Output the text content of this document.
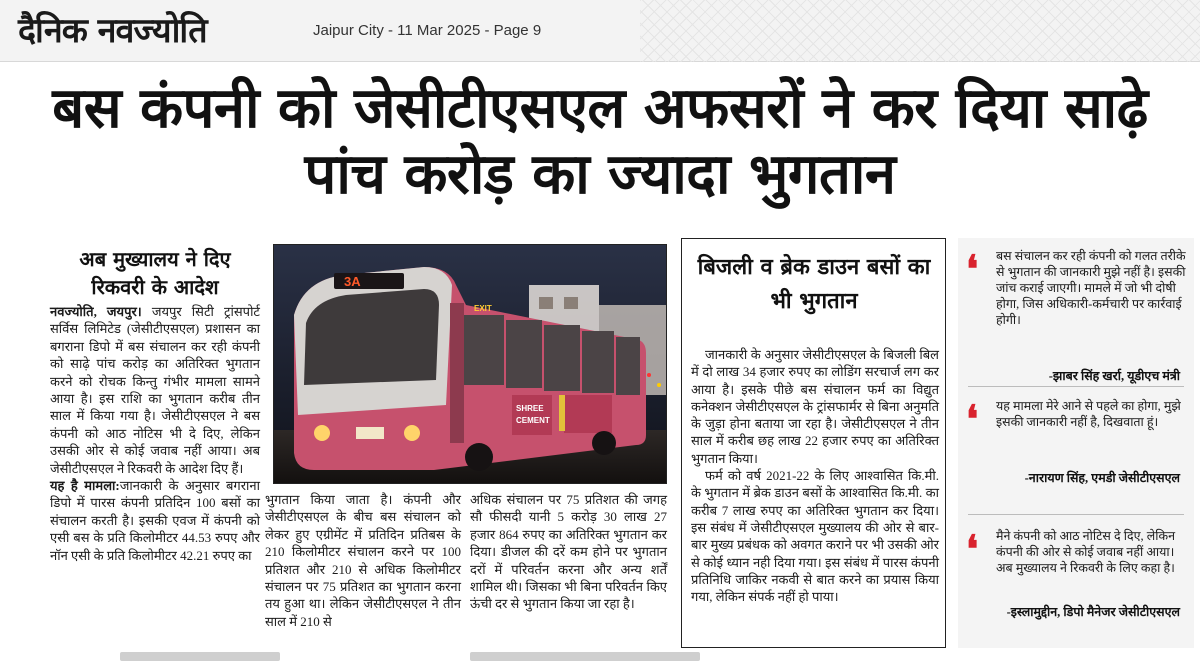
दैनिक नवज्योति	Jaipur City - 11 Mar 2025 - Page 9
बस कंपनी को जेसीटीएसएल अफसरों ने कर दिया साढ़े पांच करोड़ का ज्यादा भुगतान
अब मुख्यालय ने दिए रिकवरी के आदेश
नवज्योति, जयपुर। जयपुर सिटी ट्रांसपोर्ट सर्विस लिमिटेड (जेसीटीएसएल) प्रशासन का बगराना डिपो में बस संचालन कर रही कंपनी को साढ़े पांच करोड़ का अतिरिक्त भुगतान करने को रोचक किन्तु गंभीर मामला सामने आया है। इस राशि का भुगतान करीब तीन साल में किया गया है। जेसीटीएसएल ने बस कंपनी को आठ नोटिस भी दे दिए, लेकिन उसकी ओर से कोई जवाब नहीं आया। अब जेसीटीएसएल ने रिकवरी के आदेश दिए हैं।
यह है मामला:जानकारी के अनुसार बगराना डिपो में पारस कंपनी प्रतिदिन 100 बसों का संचालन करती है। इसकी एवज में कंपनी को एसी बस के प्रति किलोमीटर 44.53 रुपए और नॉन एसी के प्रति किलोमीटर 42.21 रुपए का
3A
EXIT
SHREE
CEMENT
भुगतान किया जाता है। कंपनी और जेसीटीएसएल के बीच बस संचालन को लेकर हुए एग्रीमेंट में प्रतिदिन प्रतिबस के 210 किलोमीटर संचालन करने पर 100 प्रतिशत और 210 से अधिक किलोमीटर संचालन पर 75 प्रतिशत का भुगतान करना तय हुआ था। लेकिन जेसीटीएसएल ने तीन साल में 210 से
अधिक संचालन पर 75 प्रतिशत की जगह सौ फीसदी यानी 5 करोड़ 30 लाख 27 हजार 864 रुपए का अतिरिक्त भुगतान कर दिया। डीजल की दरें कम होने पर भुगतान दरों में परिवर्तन करना और अन्य शर्तें शामिल थी। जिसका भी बिना परिवर्तन किए ऊंची दर से भुगतान किया जा रहा है।
बिजली व ब्रेक डाउन बसों का भी भुगतान

जानकारी के अनुसार जेसीटीएसएल के बिजली बिल में दो लाख 34 हजार रुपए का लोडिंग सरचार्ज लग कर आया है। इसके पीछे बस संचालन फर्म का विद्युत कनेक्शन जेसीटीएसएल के ट्रांसफार्मर से बिना अनुमति के जुड़ा होना बताया जा रहा है। जेसीटीएसएल ने तीन साल में करीब छह लाख 22 हजार रुपए का अतिरिक्त भुगतान किया।

फर्म को वर्ष 2021-22 के लिए आश्वासित कि.मी. के भुगतान में ब्रेक डाउन बसों के आश्वासित कि.मी. का करीब 7 लाख रुपए का अतिरिक्त भुगतान कर दिया। इस संबंध में जेसीटीएसएल मुख्यालय की ओर से बार-बार मुख्य प्रबंधक को अवगत कराने पर भी उसकी ओर से कोई ध्यान नही दिया गया। इस संबंध में पारस कंपनी प्रतिनिधि जाकिर नकवी से बात करने का प्रयास किया गया, लेकिन संपर्क नहीं हो पाया।

❛ बस संचालन कर रही कंपनी को गलत तरीके से भुगतान की जानकारी मुझे नहीं है। इसकी जांच कराई जाएगी। मामले में जो भी दोषी होगा, जिस अधिकारी-कर्मचारी पर कार्रवाई होगी।
-झाबर सिंह खर्रा, यूडीएच मंत्री
❛ यह मामला मेरे आने से पहले का होगा, मुझे इसकी जानकारी नहीं है, दिखवाता हूं।
-नारायण सिंह, एमडी जेसीटीएसएल
❛ मैने कंपनी को आठ नोटिस दे दिए, लेकिन कंपनी की ओर से कोई जवाब नहीं आया। अब मुख्यालय ने रिकवरी के लिए कहा है।
-इस्लामुद्दीन, डिपो मैनेजर जेसीटीएसएल
